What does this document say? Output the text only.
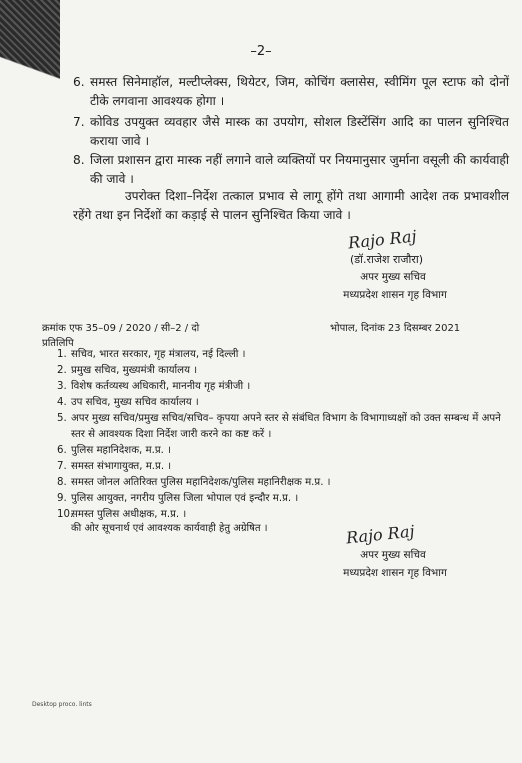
–2–
6. समस्त सिनेमाहॉल, मल्टीप्लेक्स, थियेटर, जिम, कोचिंग क्लासेस, स्वीमिंग पूल स्टाफ को दोनों टीके लगवाना आवश्यक होगा ।
7. कोविड उपयुक्त व्यवहार जैसे मास्क का उपयोग, सोशल डिस्टेंसिंग आदि का पालन सुनिश्चित कराया जावे ।
8. जिला प्रशासन द्वारा मास्क नहीं लगाने वाले व्यक्तियों पर नियमानुसार जुर्माना वसूली की कार्यवाही की जावे ।
उपरोक्त दिशा–निर्देश तत्काल प्रभाव से लागू होंगे तथा आगामी आदेश तक प्रभावशील रहेंगे तथा इन निर्देशों का कड़ाई से पालन सुनिश्चित किया जावे ।
Rajo Raj
(डॉ.राजेश राजौरा)
अपर मुख्य सचिव
मध्यप्रदेश शासन गृह विभाग
क्रमांक एफ 35–09 / 2020 / सी–2 / दो	भोपाल, दिनांक 23 दिसम्बर 2021
प्रतिलिपि
1. सचिव, भारत सरकार, गृह मंत्रालय, नई दिल्ली ।
2. प्रमुख सचिव, मुख्यमंत्री कार्यालय ।
3. विशेष कर्तव्यस्थ अधिकारी, माननीय गृह मंत्रीजी ।
4. उप सचिव, मुख्य सचिव कार्यालय ।
5. अपर मुख्य सचिव/प्रमुख सचिव/सचिव– कृपया अपने स्तर से संबंधित विभाग के विभागाध्यक्षों को उक्त सम्बन्ध में अपने स्तर से आवश्यक दिशा निर्देश जारी करने का कष्ट करें ।
6. पुलिस महानिदेशक, म.प्र. ।
7. समस्त संभागायुक्त, म.प्र. ।
8. समस्त जोनल अतिरिक्त पुलिस महानिदेशक/पुलिस महानिरीक्षक म.प्र. ।
9. पुलिस आयुक्त, नगरीय पुलिस जिला भोपाल एवं इन्दौर म.प्र. ।
10.
समस्त पुलिस अधीक्षक, म.प्र. ।
की ओर सूचनार्थ एवं आवश्यक कार्यवाही हेतु अग्रेषित ।	Rajo Raj
अपर मुख्य सचिव
मध्यप्रदेश शासन गृह विभाग
Desktop proco. lints
